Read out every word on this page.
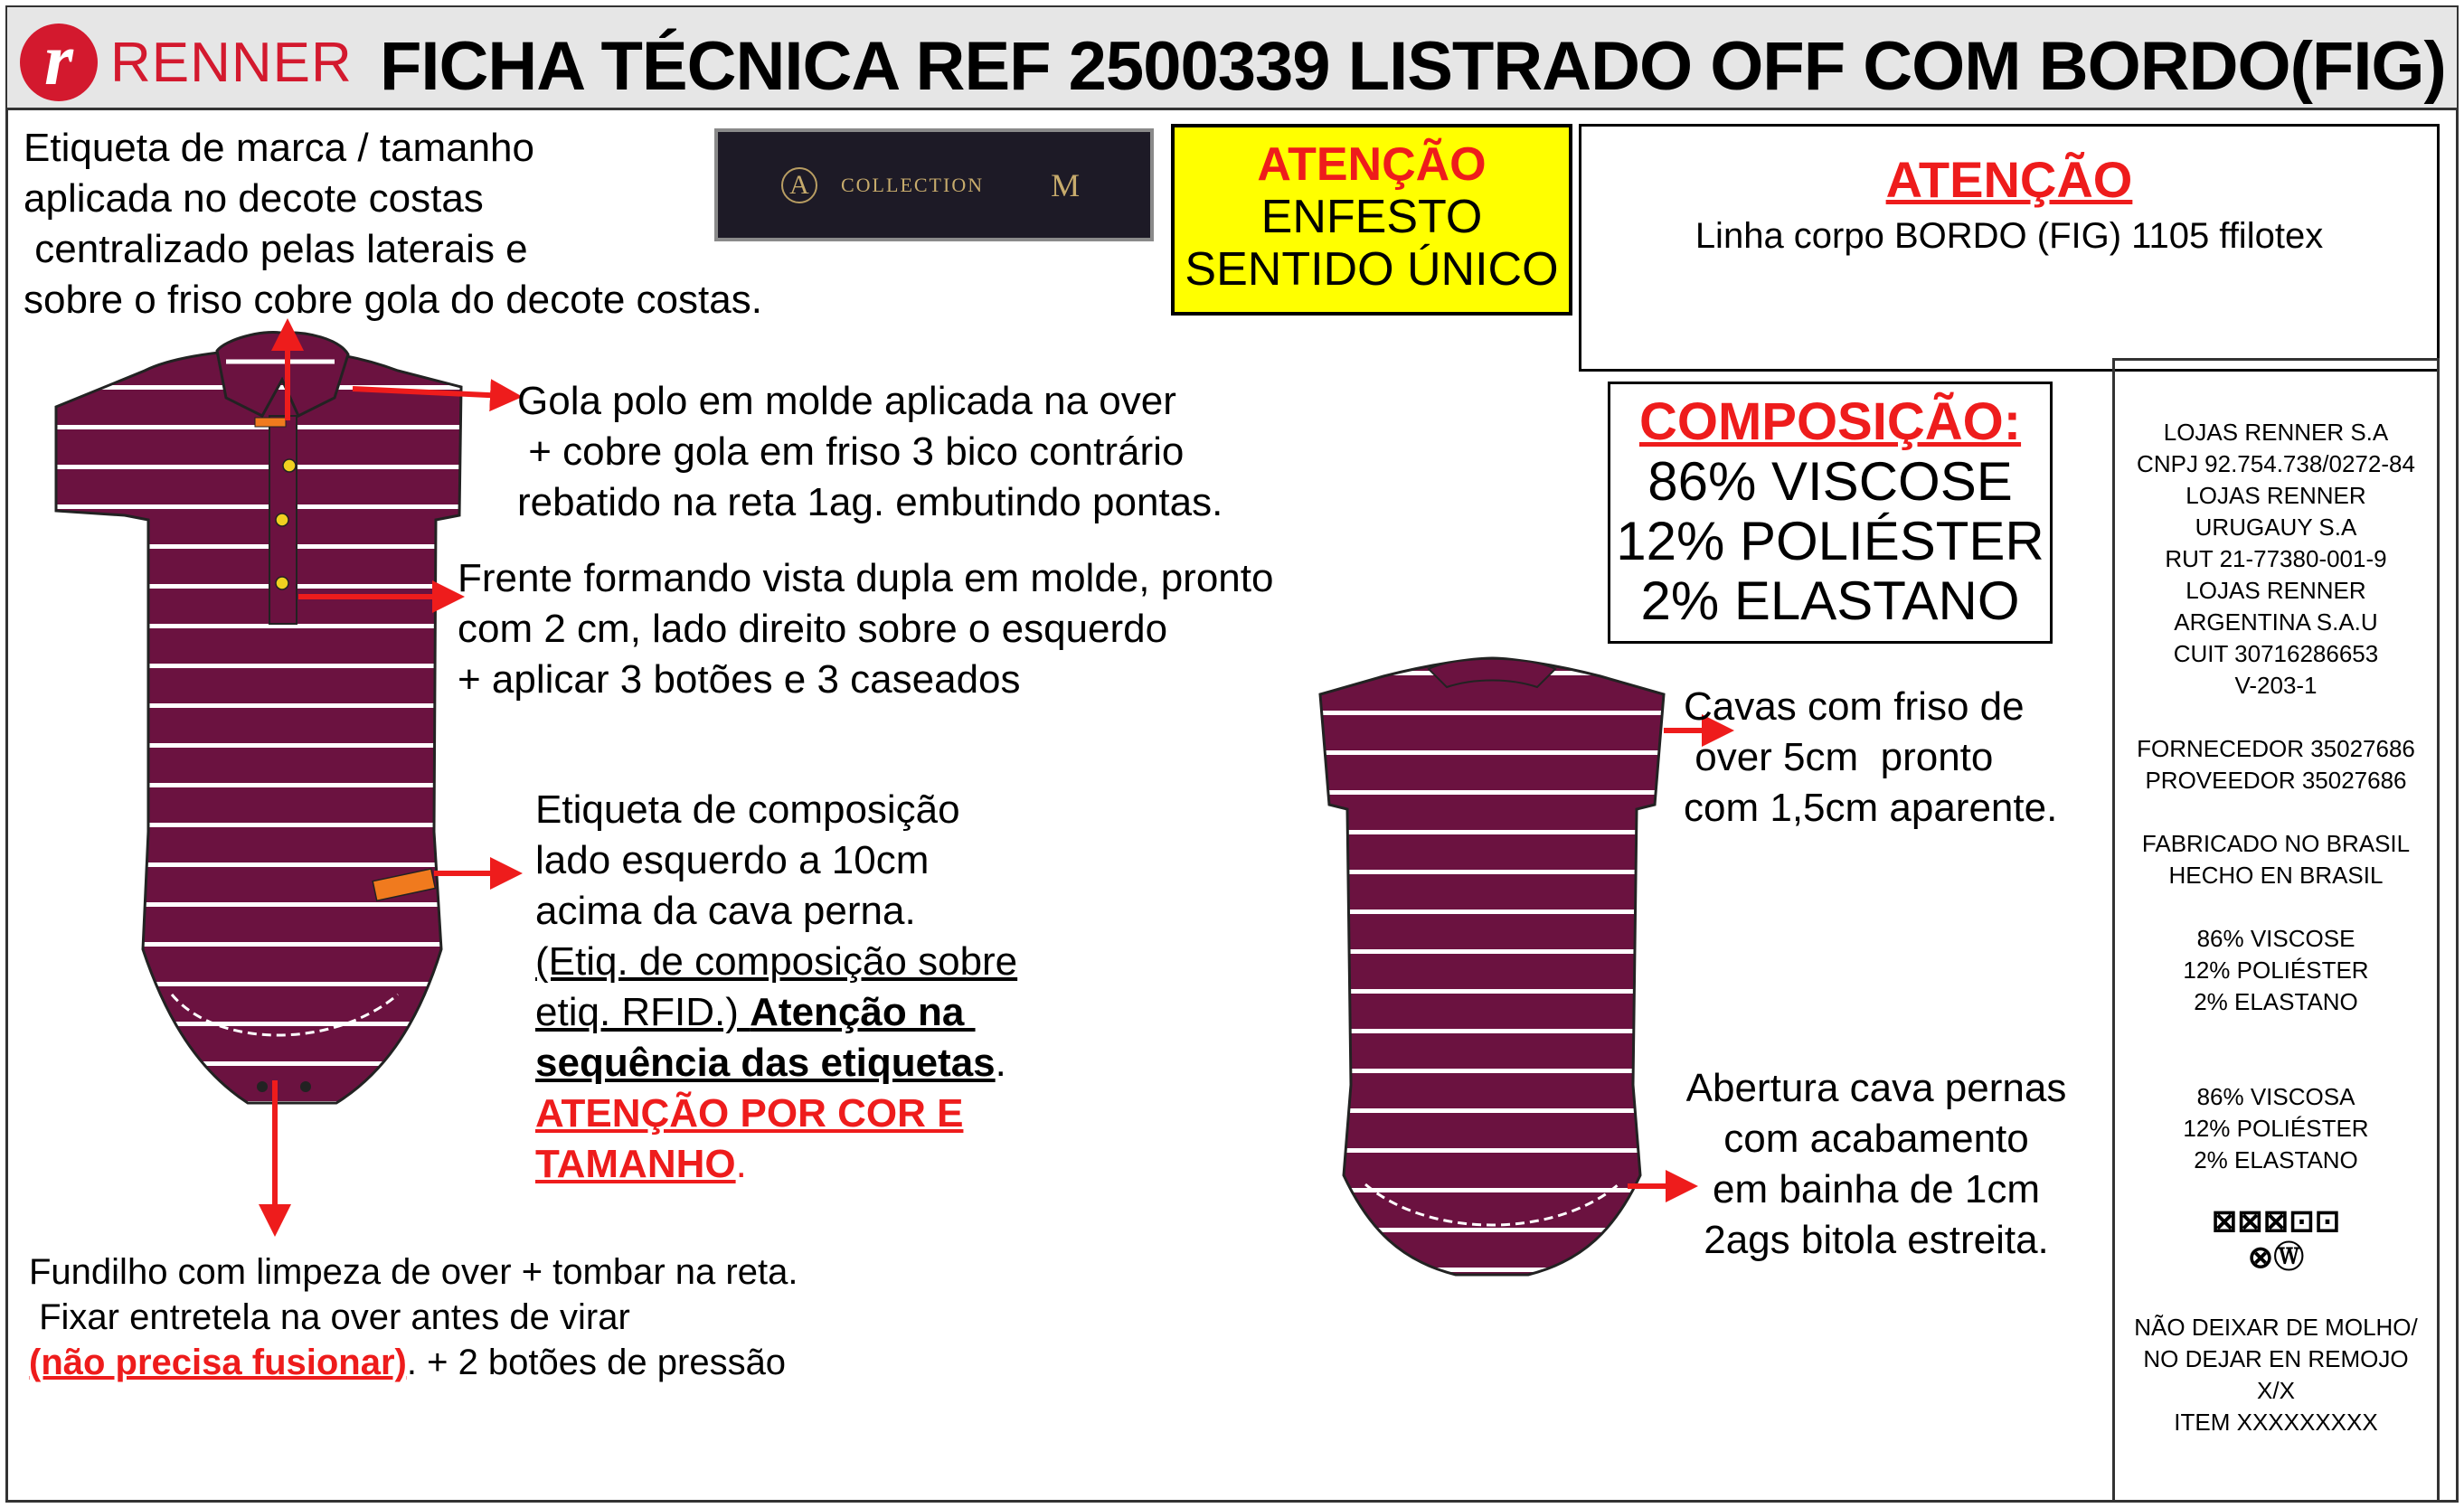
r RENNER FICHA TÉCNICA REF 2500339 LISTRADO OFF COM BORDO(FIG)
Etiqueta de marca / tamanho
aplicada no decote costas
centralizado pelas laterais e
sobre o friso cobre gola do decote costas.
A	COLLECTION M	ATENÇÃO
ENFESTO
SENTIDO ÚNICO
ATENÇÃO
Linha corpo BORDO (FIG) 1105 ffilotex
COMPOSIÇÃO:
86% VISCOSE
12% POLIÉSTER
2% ELASTANO
LOJAS RENNER S.A
CNPJ 92.754.738/0272-84
LOJAS RENNER
URUGAUY S.A
RUT 21-77380-001-9
LOJAS RENNER
ARGENTINA S.A.U
CUIT 30716286653
V-203-1
FORNECEDOR 35027686
PROVEEDOR 35027686
FABRICADO NO BRASIL
HECHO EN BRASIL
86% VISCOSE
12% POLIÉSTER
2% ELASTANO
86% VISCOSA
12% POLIÉSTER
2% ELASTANO
⊠⊠⊠⊡⊡
⊗Ⓦ
NÃO DEIXAR DE MOLHO/
NO DEJAR EN REMOJO
X/X
ITEM XXXXXXXXX
Gola polo em molde aplicada na over
+ cobre gola em friso 3 bico contrário
rebatido na reta 1ag. embutindo pontas.
Frente formando vista dupla em molde, pronto
com 2 cm, lado direito sobre o esquerdo
+ aplicar 3 botões e 3 caseados
Etiqueta de composição
lado esquerdo a 10cm
acima da cava perna.
(Etiq. de composição sobre
etiq. RFID.) Atenção na
sequência das etiquetas.
ATENÇÃO POR COR E
TAMANHO.
Fundilho com limpeza de over + tombar na reta.
Fixar entretela na over antes de virar
(não precisa fusionar). + 2 botões de pressão
Cavas com friso de
over 5cm  pronto
com 1,5cm aparente.
Abertura cava pernas
com acabamento
em bainha de 1cm
2ags bitola estreita.
